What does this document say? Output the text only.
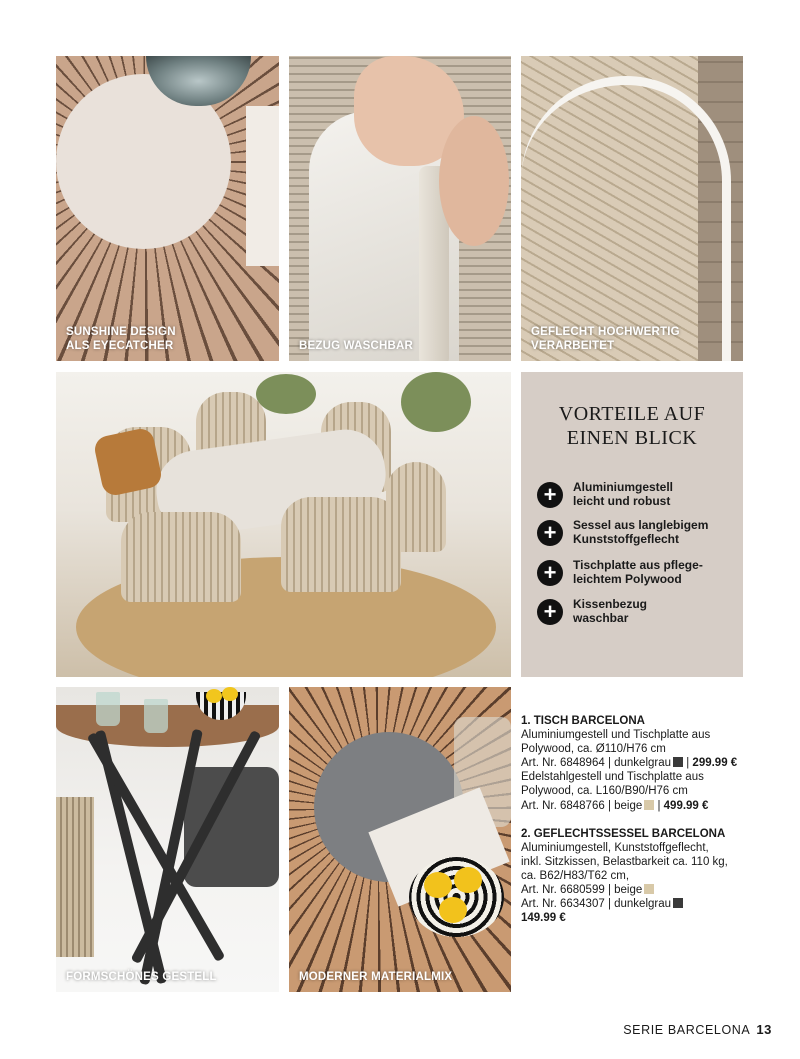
SUNSHINE DESIGN
ALS EYECATCHER	BEZUG WASCHBAR
GEFLECHT HOCHWERTIG
VERARBEITET
VORTEILE AUF
EINEN BLICK
+	Aluminiumgestell
leicht und robust
+	Sessel aus langlebigem
Kunststoffgeflecht
+	Tischplatte aus pflege-
leichtem Polywood
+	Kissenbezug
waschbar
FORMSCHÖNES GESTELL	MODERNER MATERIALMIX
1. TISCH BARCELONA
Aluminiumgestell und Tischplatte aus
Polywood, ca. Ø110/H76 cm
Art. Nr. 6848964 | dunkelgrau | 299.99 €
Edelstahlgestell und Tischplatte aus
Polywood, ca. L160/B90/H76 cm
Art. Nr. 6848766 | beige | 499.99 €
2. GEFLECHTSSESSEL BARCELONA
Aluminiumgestell, Kunststoffgeflecht,
inkl. Sitzkissen, Belastbarkeit ca. 110 kg,
ca. B62/H83/T62 cm,
Art. Nr. 6680599 | beige
Art. Nr. 6634307 | dunkelgrau
149.99 €
SERIE BARCELONA 13
